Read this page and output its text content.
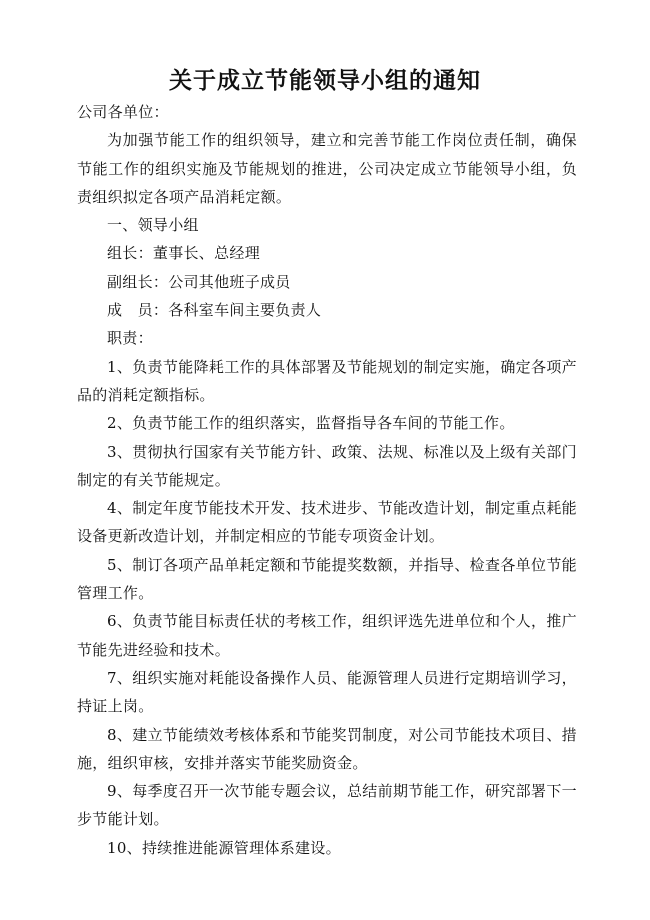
关于成立节能领导小组的通知

公司各单位：

为加强节能工作的组织领导，建立和完善节能工作岗位责任制，确保节能工作的组织实施及节能规划的推进，公司决定成立节能领导小组，负责组织拟定各项产品消耗定额。

一、领导小组

组长：董事长、总经理

副组长：公司其他班子成员

成　员：各科室车间主要负责人

职责：

1、负责节能降耗工作的具体部署及节能规划的制定实施，确定各项产品的消耗定额指标。

2、负责节能工作的组织落实，监督指导各车间的节能工作。

3、贯彻执行国家有关节能方针、政策、法规、标准以及上级有关部门制定的有关节能规定。

4、制定年度节能技术开发、技术进步、节能改造计划，制定重点耗能设备更新改造计划，并制定相应的节能专项资金计划。

5、制订各项产品单耗定额和节能提奖数额，并指导、检查各单位节能管理工作。

6、负责节能目标责任状的考核工作，组织评选先进单位和个人，推广节能先进经验和技术。

7、组织实施对耗能设备操作人员、能源管理人员进行定期培训学习，持证上岗。

8、建立节能绩效考核体系和节能奖罚制度，对公司节能技术项目、措施，组织审核，安排并落实节能奖励资金。

9、每季度召开一次节能专题会议，总结前期节能工作，研究部署下一步节能计划。

10、持续推进能源管理体系建设。
